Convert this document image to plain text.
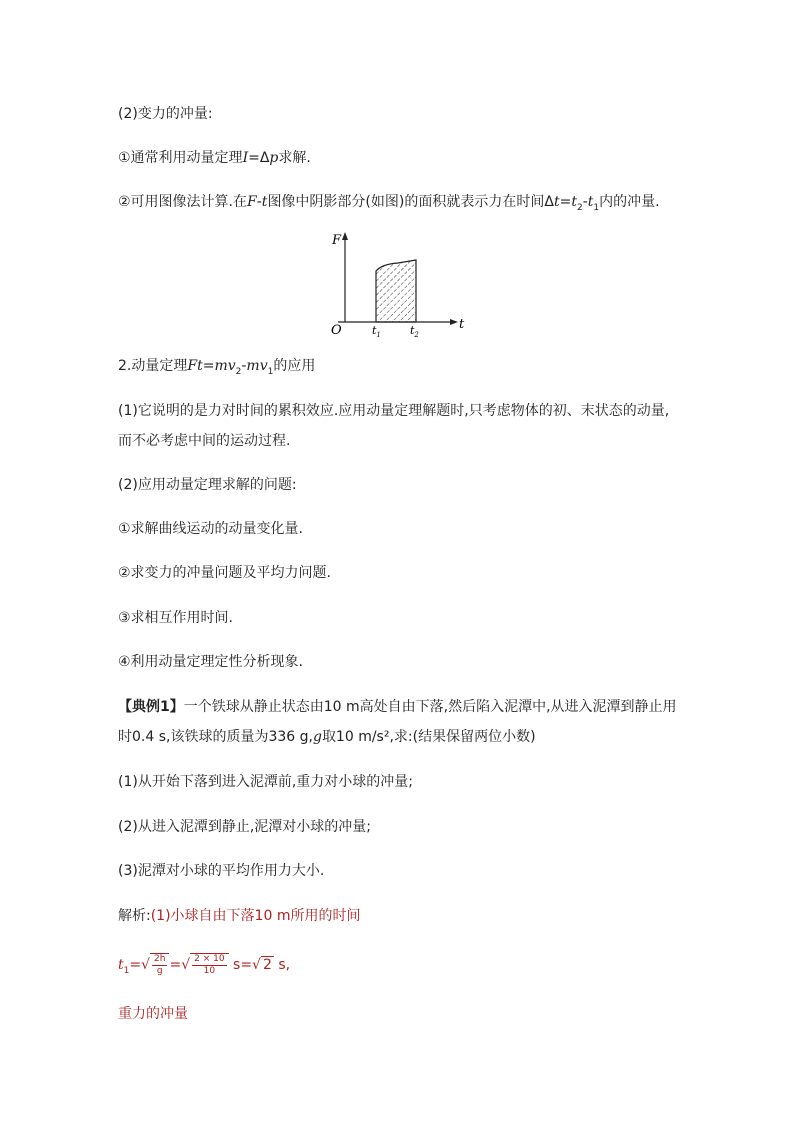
(2)变力的冲量:
①通常利用动量定理I=Δp求解.
②可用图像法计算.在F-t图像中阴影部分(如图)的面积就表示力在时间$\Delta t=t_2-t_1$内的冲量.
F
t
O	$t_1$	$t_2$
2.动量定理$Ft=mv_2-mv_1$的应用
(1)它说明的是力对时间的累积效应.应用动量定理解题时,只考虑物体的初、末状态的动量,而不必考虑中间的运动过程.
(2)应用动量定理求解的问题:
①求解曲线运动的动量变化量.
②求变力的冲量问题及平均力问题.
③求相互作用时间.
④利用动量定理定性分析现象.
【典例1】一个铁球从静止状态由10 m高处自由下落,然后陷入泥潭中,从进入泥潭到静止用时0.4 s,该铁球的质量为336 g,g取10 m/s²,求:(结果保留两位小数)
(1)从开始下落到进入泥潭前,重力对小球的冲量;
(2)从进入泥潭到静止,泥潭对小球的冲量;
(3)泥潭对小球的平均作用力大小.
解析:(1)小球自由下落10 m所用的时间
$t_1=√ \frac{2h}{g}$ =√ $\frac{2 \times 10}{10} s=√$ 2 s,
重力的冲量
